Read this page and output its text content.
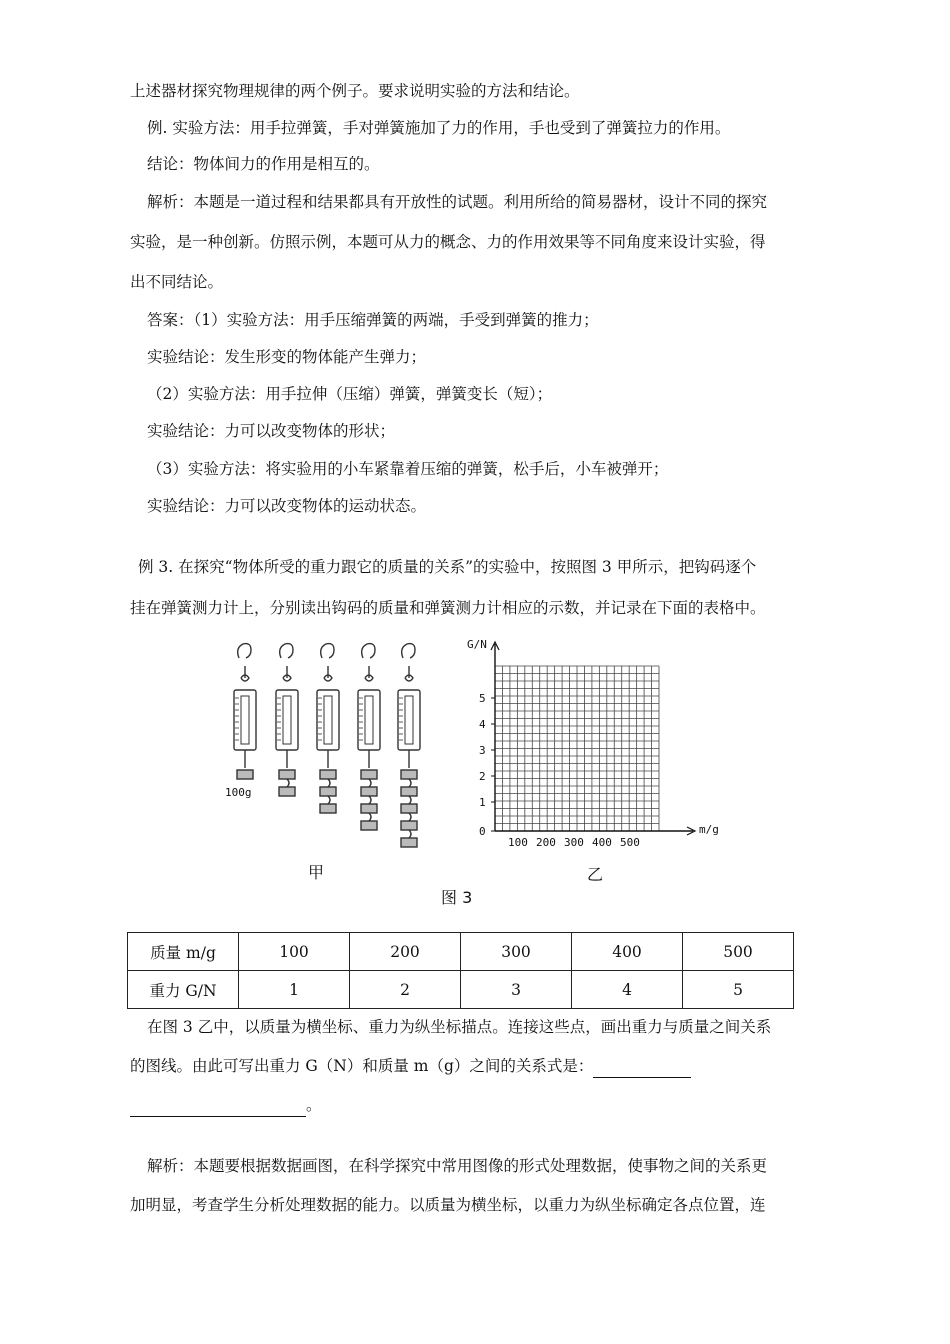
上述器材探究物理规律的两个例子。要求说明实验的方法和结论。
例. 实验方法：用手拉弹簧，手对弹簧施加了力的作用，手也受到了弹簧拉力的作用。
结论：物体间力的作用是相互的。
解析：本题是一道过程和结果都具有开放性的试题。利用所给的简易器材，设计不同的探究
实验，是一种创新。仿照示例，本题可从力的概念、力的作用效果等不同角度来设计实验，得
出不同结论。
答案：（1）实验方法：用手压缩弹簧的两端，手受到弹簧的推力；
实验结论：发生形变的物体能产生弹力；
（2）实验方法：用手拉伸（压缩）弹簧，弹簧变长（短）；
实验结论：力可以改变物体的形状；
（3）实验方法：将实验用的小车紧靠着压缩的弹簧，松手后，小车被弹开；
实验结论：力可以改变物体的运动状态。
例 3. 在探究“物体所受的重力跟它的质量的关系”的实验中，按照图 3 甲所示，把钩码逐个
挂在弹簧测力计上，分别读出钩码的质量和弹簧测力计相应的示数，并记录在下面的表格中。
100g
G/N
m/g
0
1
2
3
4
5
100 200 300 400 500
甲	乙
图 3
质量 m/g	100	200	300	400	500
重力 G/N	1	2	3	4	5
在图 3 乙中，以质量为横坐标、重力为纵坐标描点。连接这些点，画出重力与质量之间关系
的图线。由此可写出重力 G（N）和质量 m（g）之间的关系式是：
。
解析：本题要根据数据画图，在科学探究中常用图像的形式处理数据，使事物之间的关系更
加明显，考查学生分析处理数据的能力。以质量为横坐标，以重力为纵坐标确定各点位置，连
